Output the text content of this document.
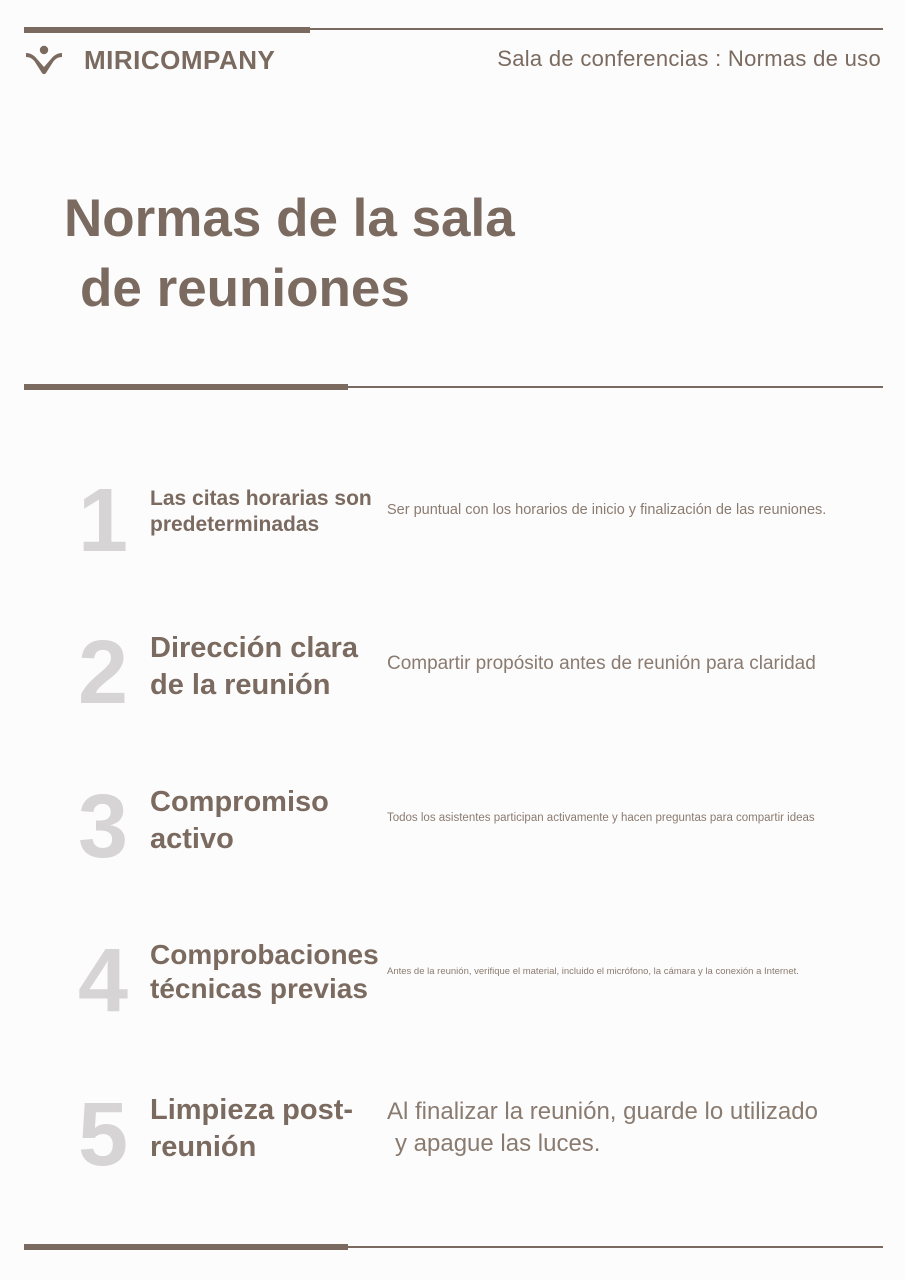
MIRICOMPANY	Sala de conferencias : Normas de uso
Normas de la sala
de reuniones
1	Las citas horarias son predeterminadas
Ser puntual con los horarios de inicio y finalización de las reuniones.
2 Dirección clara de la reunión
Compartir propósito antes de reunión para claridad
3 Compromiso activo
Todos los asistentes participan activamente y hacen preguntas para compartir ideas
4 Comprobaciones técnicas previas
Antes de la reunión, verifique el material, incluido el micrófono, la cámara y la conexión a Internet.
5 Limpieza post-reunión
Al finalizar la reunión, guarde lo utilizado
y apague las luces.
